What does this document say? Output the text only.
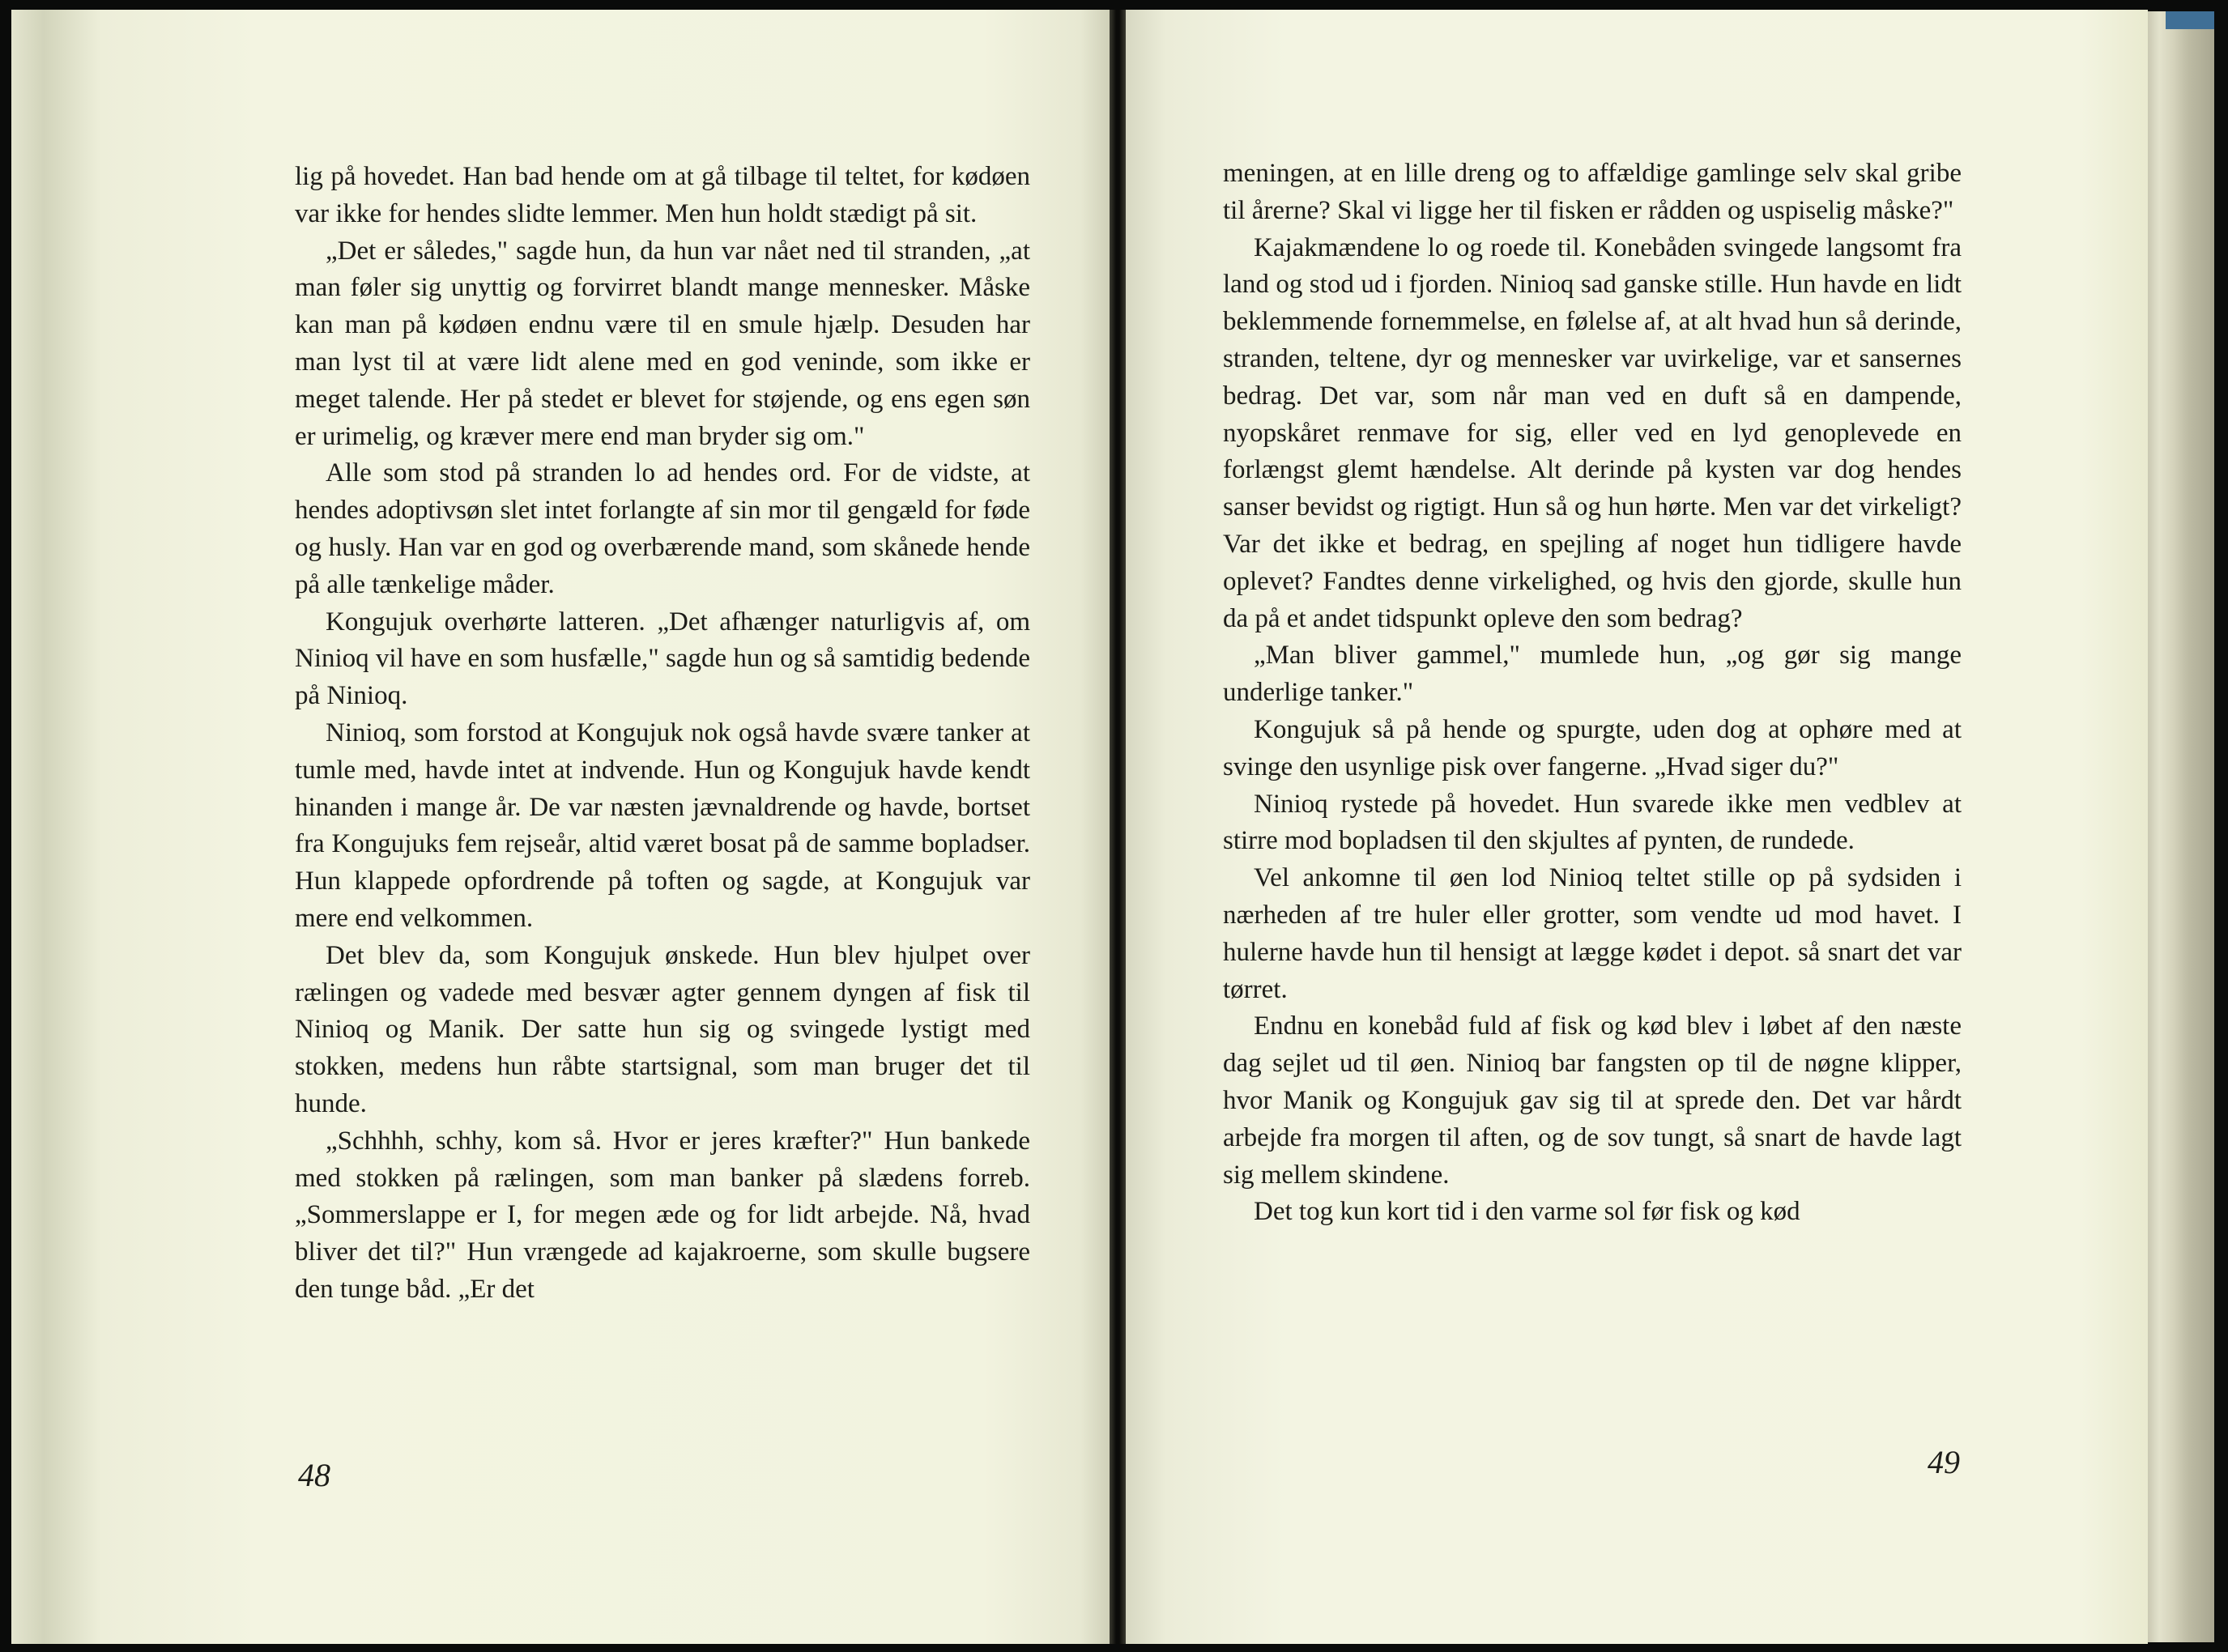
lig på hovedet. Han bad hende om at gå tilbage til teltet, for kødøen var ikke for hendes slidte lemmer. Men hun holdt stædigt på sit.

„Det er således," sagde hun, da hun var nået ned til stranden, „at man føler sig unyttig og forvirret blandt mange mennesker. Måske kan man på kødøen endnu være til en smule hjælp. Desuden har man lyst til at være lidt alene med en god veninde, som ikke er meget talende. Her på stedet er blevet for støjende, og ens egen søn er urimelig, og kræver mere end man bryder sig om."

Alle som stod på stranden lo ad hendes ord. For de vidste, at hendes adoptivsøn slet intet forlangte af sin mor til gengæld for føde og husly. Han var en god og overbærende mand, som skånede hende på alle tænkelige måder.

Kongujuk overhørte latteren. „Det afhænger naturligvis af, om Ninioq vil have en som husfælle," sagde hun og så samtidig bedende på Ninioq.

Ninioq, som forstod at Kongujuk nok også havde svære tanker at tumle med, havde intet at indvende. Hun og Kongujuk havde kendt hinanden i mange år. De var næsten jævnaldrende og havde, bortset fra Kongujuks fem rejseår, altid været bosat på de samme bopladser. Hun klappede opfordrende på toften og sagde, at Kongujuk var mere end velkommen.

Det blev da, som Kongujuk ønskede. Hun blev hjulpet over rælingen og vadede med besvær agter gennem dyngen af fisk til Ninioq og Manik. Der satte hun sig og svingede lystigt med stokken, medens hun råbte startsignal, som man bruger det til hunde.

„Schhhh, schhy, kom så. Hvor er jeres kræfter?" Hun bankede med stokken på rælingen, som man banker på slædens forreb. „Sommerslappe er I, for megen æde og for lidt arbejde. Nå, hvad bliver det til?" Hun vrængede ad kajakroerne, som skulle bugsere den tunge båd. „Er det

48

meningen, at en lille dreng og to affældige gamlinge selv skal gribe til årerne? Skal vi ligge her til fisken er rådden og uspiselig måske?"

Kajakmændene lo og roede til. Konebåden svingede langsomt fra land og stod ud i fjorden. Ninioq sad ganske stille. Hun havde en lidt beklemmende fornemmelse, en følelse af, at alt hvad hun så derinde, stranden, teltene, dyr og mennesker var uvirkelige, var et sansernes bedrag. Det var, som når man ved en duft så en dampende, nyopskåret renmave for sig, eller ved en lyd genoplevede en forlængst glemt hændelse. Alt derinde på kysten var dog hendes sanser bevidst og rigtigt. Hun så og hun hørte. Men var det virkeligt? Var det ikke et bedrag, en spejling af noget hun tidligere havde oplevet? Fandtes denne virkelighed, og hvis den gjorde, skulle hun da på et andet tidspunkt opleve den som bedrag?

„Man bliver gammel," mumlede hun, „og gør sig mange underlige tanker."

Kongujuk så på hende og spurgte, uden dog at ophøre med at svinge den usynlige pisk over fangerne. „Hvad siger du?"

Ninioq rystede på hovedet. Hun svarede ikke men vedblev at stirre mod bopladsen til den skjultes af pynten, de rundede.

Vel ankomne til øen lod Ninioq teltet stille op på sydsiden i nærheden af tre huler eller grotter, som vendte ud mod havet. I hulerne havde hun til hensigt at lægge kødet i depot. så snart det var tørret.

Endnu en konebåd fuld af fisk og kød blev i løbet af den næste dag sejlet ud til øen. Ninioq bar fangsten op til de nøgne klipper, hvor Manik og Kongujuk gav sig til at sprede den. Det var hårdt arbejde fra morgen til aften, og de sov tungt, så snart de havde lagt sig mellem skindene.

Det tog kun kort tid i den varme sol før fisk og kød

49
